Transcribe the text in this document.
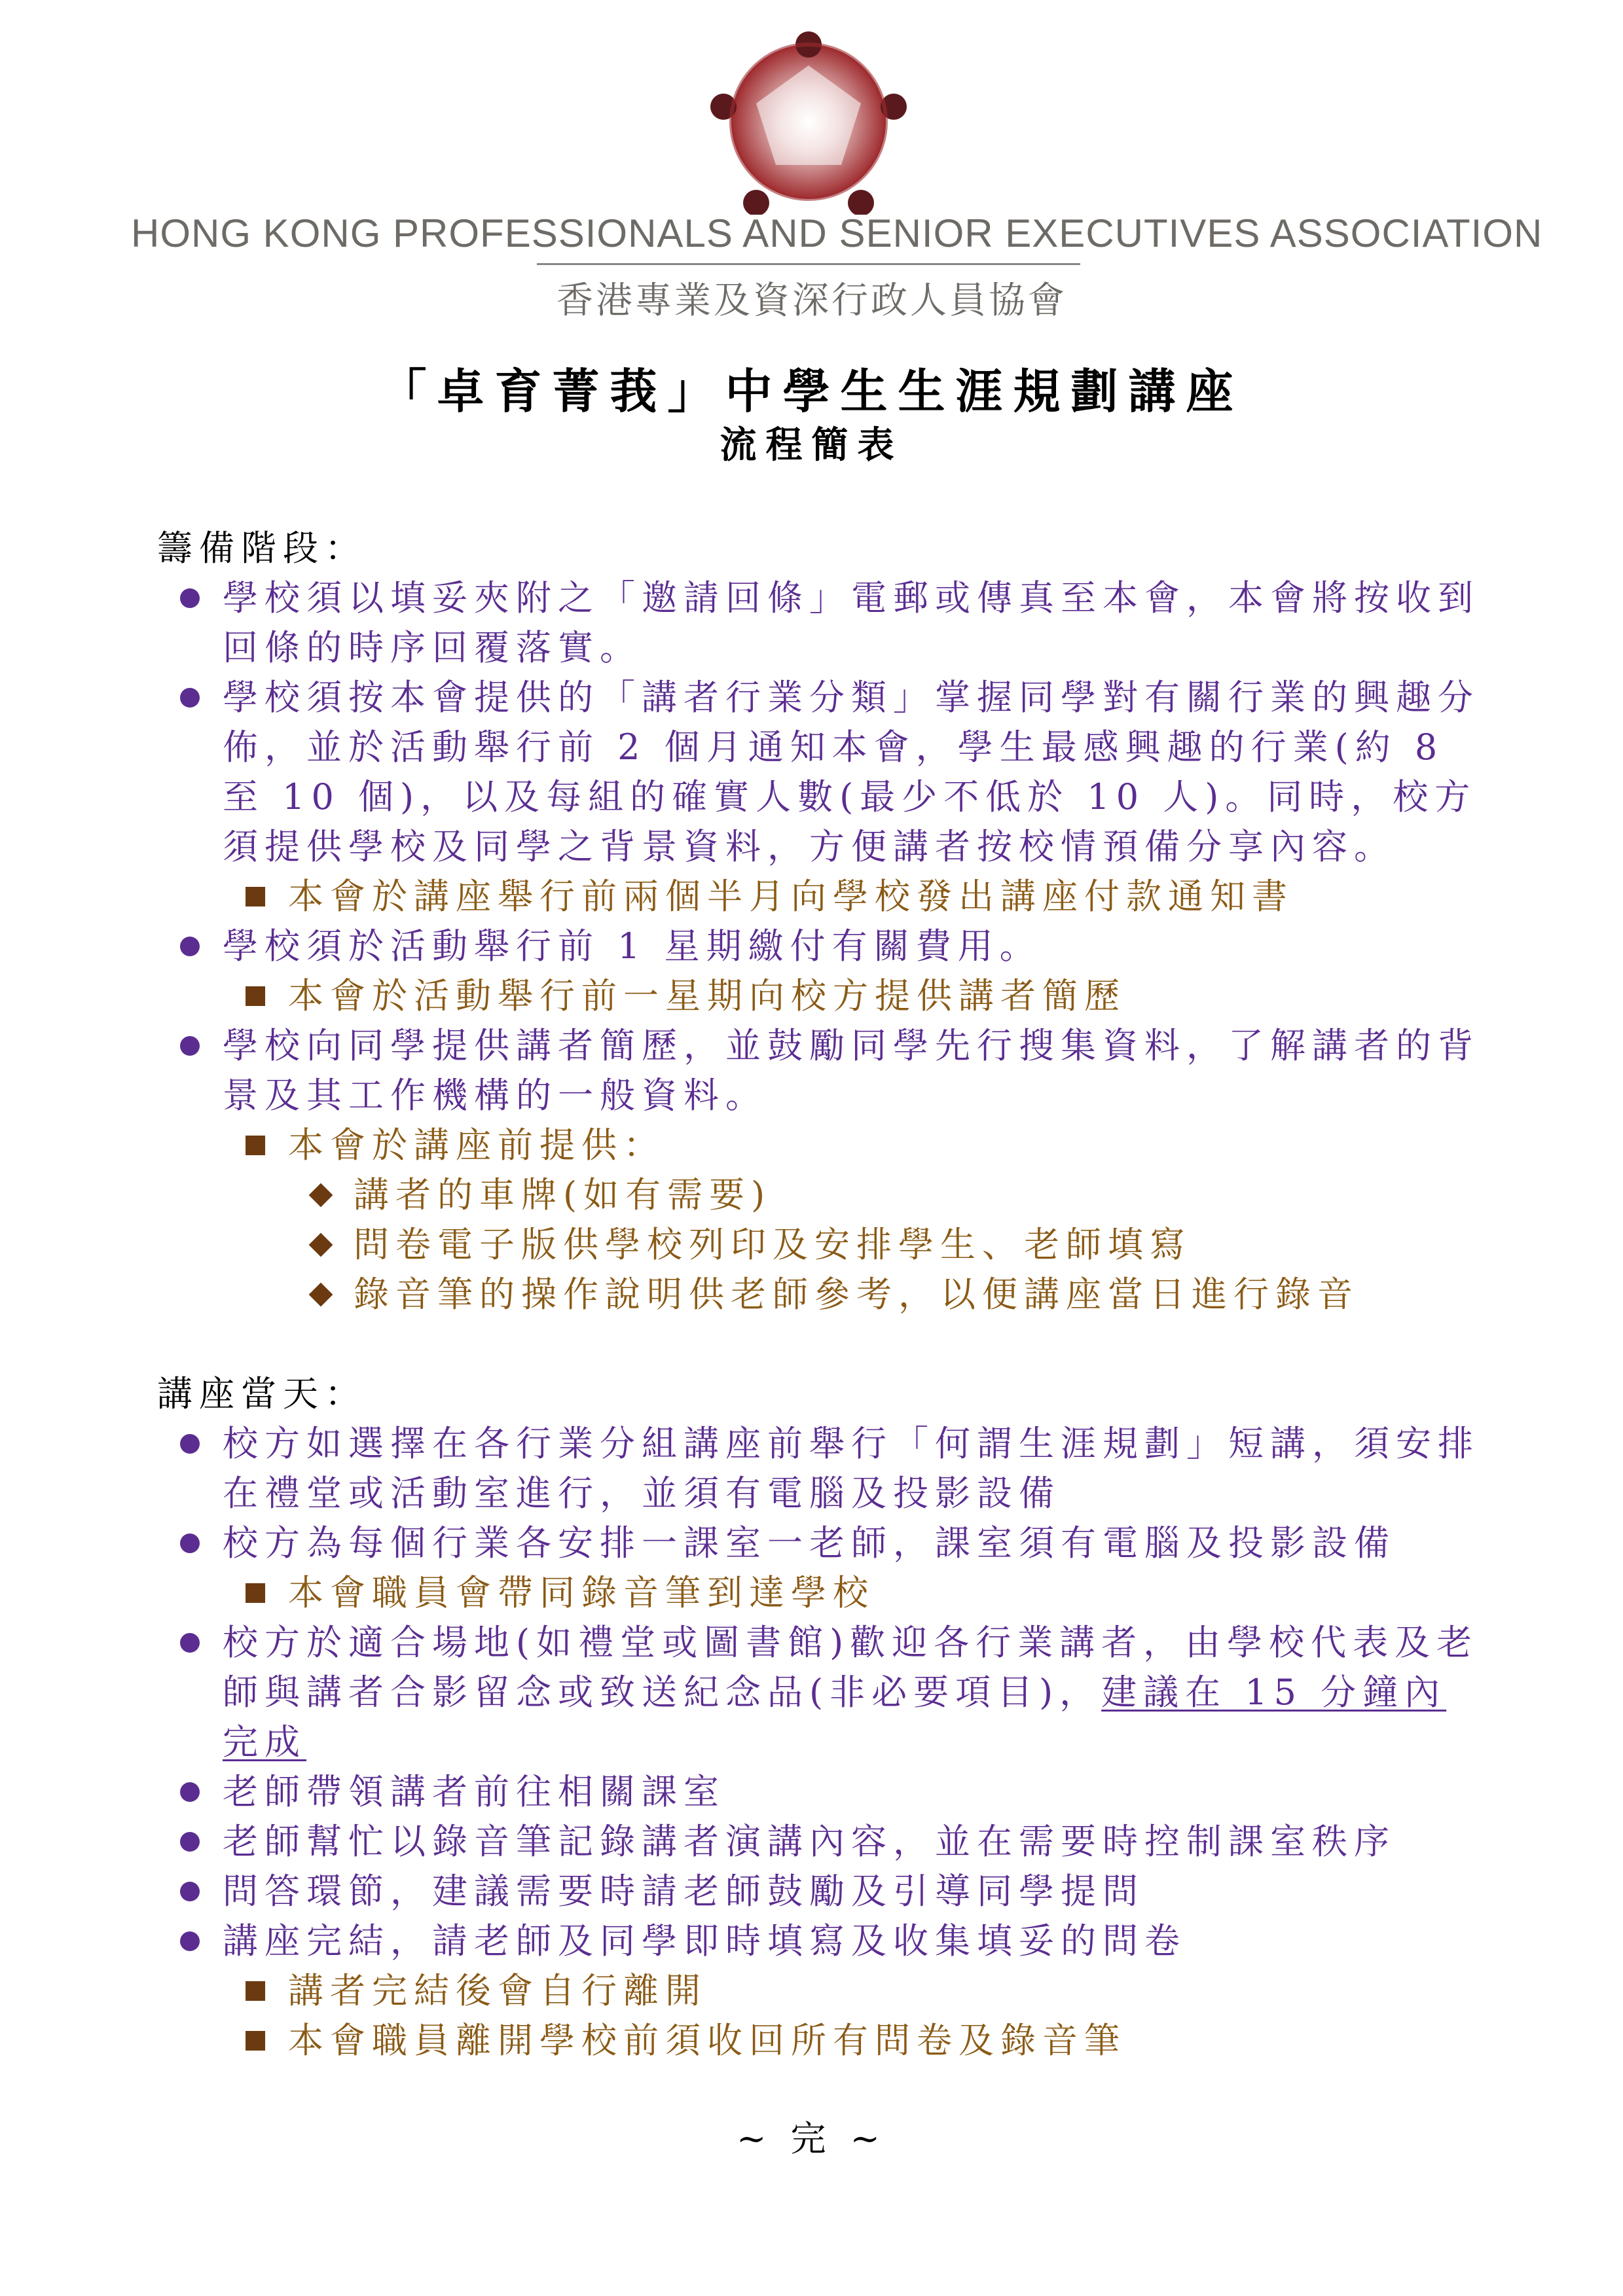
HONG KONG PROFESSIONALS AND SENIOR EXECUTIVES ASSOCIATION
香港專業及資深行政人員協會
「卓育菁莪」中學生生涯規劃講座
流程簡表
籌備階段：
學校須以填妥夾附之「邀請回條」電郵或傳真至本會，本會將按收到回條的時序回覆落實。
學校須按本會提供的「講者行業分類」掌握同學對有關行業的興趣分佈，並於活動舉行前 2 個月通知本會，學生最感興趣的行業(約 8 至 10 個)，以及每組的確實人數(最少不低於 10 人)。同時，校方須提供學校及同學之背景資料，方便講者按校情預備分享內容。
本會於講座舉行前兩個半月向學校發出講座付款通知書
學校須於活動舉行前 1 星期繳付有關費用。
本會於活動舉行前一星期向校方提供講者簡歷
學校向同學提供講者簡歷，並鼓勵同學先行搜集資料，了解講者的背景及其工作機構的一般資料。
本會於講座前提供：
講者的車牌(如有需要)
問卷電子版供學校列印及安排學生、老師填寫
錄音筆的操作說明供老師參考，以便講座當日進行錄音
講座當天：
校方如選擇在各行業分組講座前舉行「何謂生涯規劃」短講，須安排在禮堂或活動室進行，並須有電腦及投影設備
校方為每個行業各安排一課室一老師，課室須有電腦及投影設備
本會職員會帶同錄音筆到達學校
校方於適合場地(如禮堂或圖書館)歡迎各行業講者，由學校代表及老師與講者合影留念或致送紀念品(非必要項目)，建議在 15 分鐘內完成
老師帶領講者前往相關課室
老師幫忙以錄音筆記錄講者演講內容，並在需要時控制課室秩序
問答環節，建議需要時請老師鼓勵及引導同學提問
講座完結，請老師及同學即時填寫及收集填妥的問卷
講者完結後會自行離開
本會職員離開學校前須收回所有問卷及錄音筆
~ 完 ~
